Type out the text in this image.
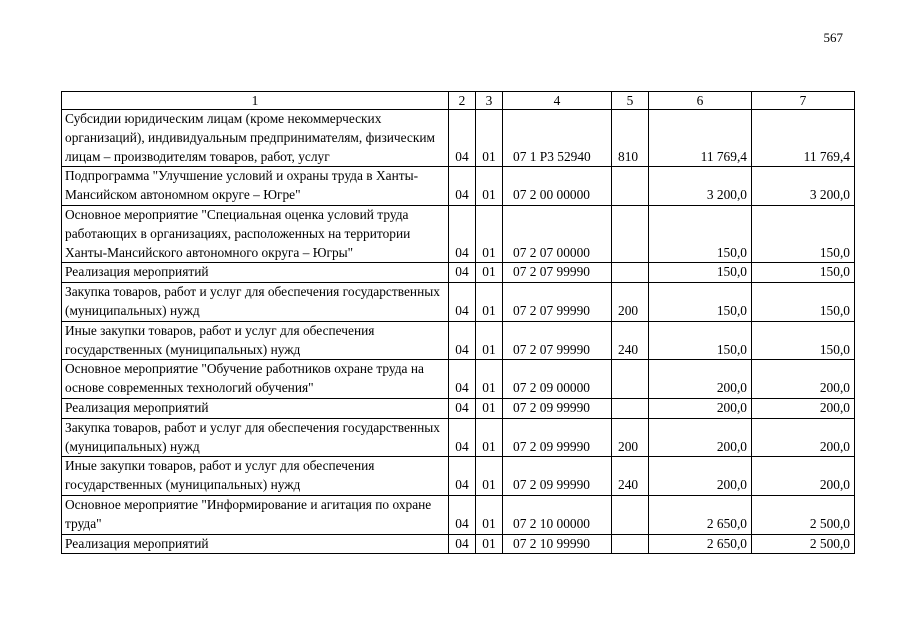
567
1	2	3	4	5	6	7
Субсидии юридическим лицам (кроме некоммерческих организаций), индивидуальным предпринимателям, физическим лицам – производителям товаров, работ, услуг	04	01	07 1 P3 52940	810	11 769,4	11 769,4
Подпрограмма "Улучшение условий и охраны труда в Ханты-Мансийском автономном округе – Югре"	04	01	07 2 00 00000		3 200,0	3 200,0
Основное мероприятие "Специальная оценка условий труда работающих в организациях, расположенных на территории Ханты-Мансийского автономного округа – Югры"	04	01	07 2 07 00000		150,0	150,0
Реализация мероприятий	04	01	07 2 07 99990		150,0	150,0
Закупка товаров, работ и услуг для обеспечения государственных (муниципальных) нужд	04	01	07 2 07 99990	200	150,0	150,0
Иные закупки товаров, работ и услуг для обеспечения государственных (муниципальных) нужд	04	01	07 2 07 99990	240	150,0	150,0
Основное мероприятие "Обучение работников охране труда на основе современных технологий обучения"	04	01	07 2 09 00000		200,0	200,0
Реализация мероприятий	04	01	07 2 09 99990		200,0	200,0
Закупка товаров, работ и услуг для обеспечения государственных (муниципальных) нужд	04	01	07 2 09 99990	200	200,0	200,0
Иные закупки товаров, работ и услуг для обеспечения государственных (муниципальных) нужд	04	01	07 2 09 99990	240	200,0	200,0
Основное мероприятие "Информирование и агитация по охране труда"	04	01	07 2 10 00000		2 650,0	2 500,0
Реализация мероприятий	04	01	07 2 10 99990		2 650,0	2 500,0
